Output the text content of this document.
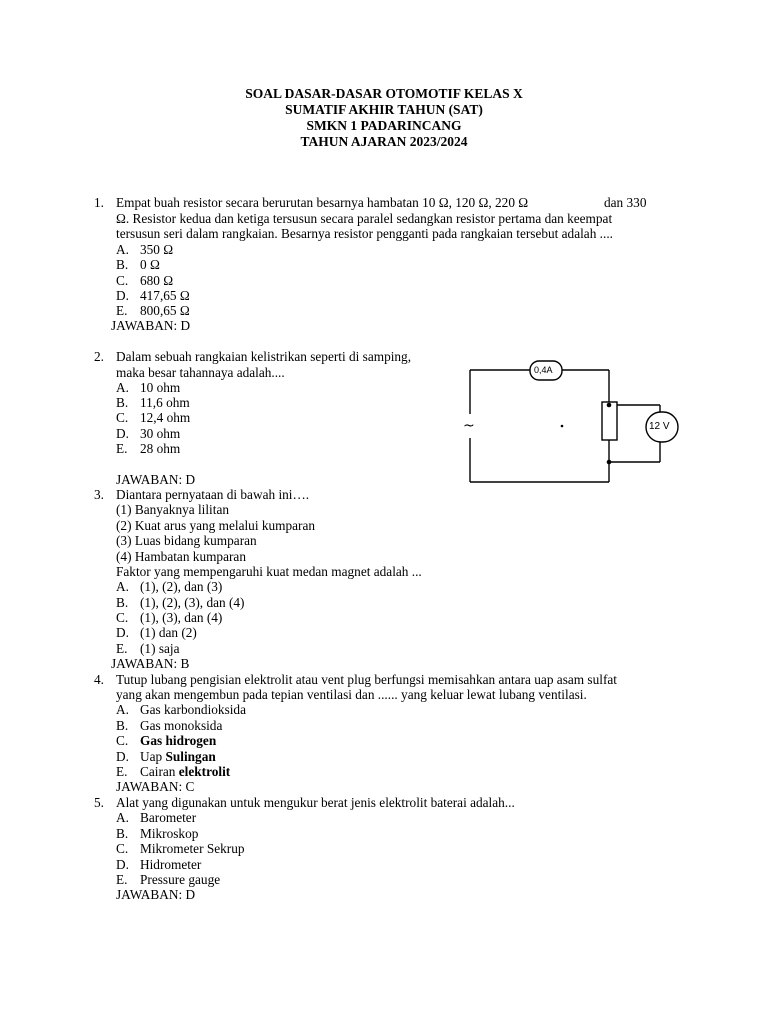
SOAL DASAR-DASAR OTOMOTIF KELAS X
SUMATIF AKHIR TAHUN (SAT)
SMKN 1 PADARINCANG
TAHUN AJARAN 2023/2024
1. Empat buah resistor secara berurutan besarnya hambatan 10 Ω, 120 Ω, 220 Ω	dan 330
Ω. Resistor kedua dan ketiga tersusun secara paralel sedangkan resistor pertama dan keempat
tersusun seri dalam rangkaian. Besarnya resistor pengganti pada rangkaian tersebut adalah ....
A. 350 Ω
B. 0 Ω
C. 680 Ω
D. 417,65 Ω
E. 800,65 Ω
JAWABAN: D
2. Dalam sebuah rangkaian kelistrikan seperti di samping,
maka besar tahannaya adalah....
A. 10 ohm
B. 11,6 ohm
C. 12,4 ohm
D. 30 ohm
E. 28 ohm
JAWABAN: D
0,4A
12 V
~
3. Diantara pernyataan di bawah ini….
(1) Banyaknya lilitan
(2) Kuat arus yang melalui kumparan
(3) Luas bidang kumparan
(4) Hambatan kumparan
Faktor yang mempengaruhi kuat medan magnet adalah ...
A. (1), (2), dan (3)
B. (1), (2), (3), dan (4)
C. (1), (3), dan (4)
D. (1) dan (2)
E. (1) saja
JAWABAN: B
4. Tutup lubang pengisian elektrolit atau vent plug berfungsi memisahkan antara uap asam sulfat
yang akan mengembun pada tepian ventilasi dan ...... yang keluar lewat lubang ventilasi.
A. Gas karbondioksida
B. Gas monoksida
C. Gas hidrogen
D. Uap Sulingan
E. Cairan elektrolit
JAWABAN: C
5. Alat yang digunakan untuk mengukur berat jenis elektrolit baterai adalah...
A. Barometer
B. Mikroskop
C. Mikrometer Sekrup
D. Hidrometer
E. Pressure gauge
JAWABAN: D
